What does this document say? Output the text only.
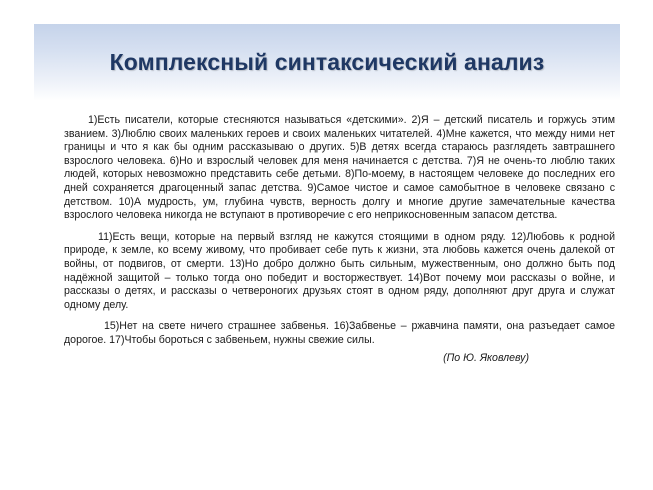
Комплексный синтаксический анализ

1)Есть писатели, которые стесняются называться «детскими». 2)Я – детский писатель и горжусь этим званием. 3)Люблю своих маленьких героев и своих маленьких читателей. 4)Мне кажется, что между ними нет границы и что я как бы одним рассказываю о других. 5)В детях всегда стараюсь разглядеть завтрашнего взрослого человека. 6)Но и взрослый человек для меня начинается с детства. 7)Я не очень-то люблю таких людей, которых невозможно представить себе детьми. 8)По-моему, в настоящем человеке до последних его дней сохраняется драгоценный запас детства. 9)Самое чистое и самое самобытное в человеке связано с детством. 10)А мудрость, ум, глубина чувств, верность долгу и многие другие замечательные качества взрослого человека никогда не вступают в противоречие с его неприкосновенным запасом детства.

11)Есть вещи, которые на первый взгляд не кажутся стоящими в одном ряду. 12)Любовь к родной природе, к земле, ко всему живому, что пробивает себе путь к жизни, эта любовь кажется очень далекой от войны, от подвигов, от смерти. 13)Но добро должно быть сильным, мужественным, оно должно быть под надёжной защитой – только тогда оно победит и восторжествует. 14)Вот почему мои рассказы о войне, и рассказы о детях, и рассказы о четвероногих друзьях стоят в одном ряду, дополняют друг друга и служат одному делу.

15)Нет на свете ничего страшнее забвенья. 16)Забвенье – ржавчина памяти, она разъедает самое дорогое. 17)Чтобы бороться с забвеньем, нужны свежие силы.

(По Ю. Яковлеву)
